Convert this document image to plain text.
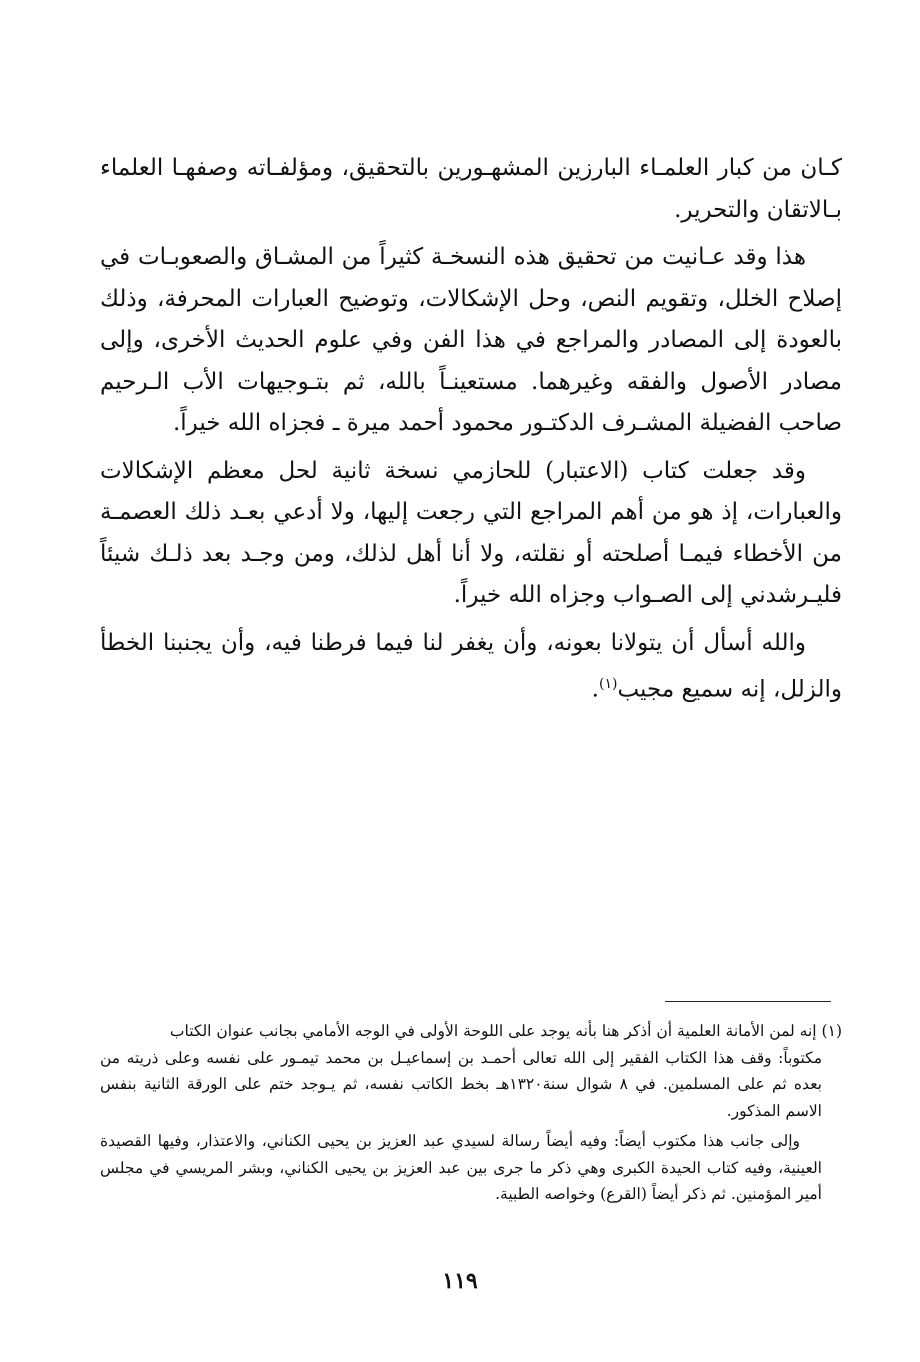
كـان من كبار العلمـاء البارزين المشهـورين بالتحقيق، ومؤلفـاته وصفهـا العلماء بـالاتقان والتحرير.

هذا وقد عـانيت من تحقيق هذه النسخـة كثيراً من المشـاق والصعوبـات في إصلاح الخلل، وتقويم النص، وحل الإشكالات، وتوضيح العبارات المحرفة، وذلك بالعودة إلى المصادر والمراجع في هذا الفن وفي علوم الحديث الأخرى، وإلى مصادر الأصول والفقه وغيرهما. مستعينـاً بالله، ثم بتـوجيهات الأب الـرحيم صاحب الفضيلة المشـرف الدكتـور محمود أحمد ميرة ـ فجزاه الله خيراً.

وقد جعلت كتاب (الاعتبار) للحازمي نسخة ثانية لحل معظم الإشكالات والعبارات، إذ هو من أهم المراجع التي رجعت إليها، ولا أدعي بعـد ذلك العصمـة من الأخطاء فيمـا أصلحته أو نقلته، ولا أنا أهل لذلك، ومن وجـد بعد ذلـك شيئاً فليـرشدني إلى الصـواب وجزاه الله خيراً.

والله أسأل أن يتولانا بعونه، وأن يغفر لنا فيما فرطنا فيه، وأن يجنبنا الخطأ والزلل، إنه سميع مجيب$^{(١)}$.

(١) إنه لمن الأمانة العلمية أن أذكر هنا بأنه يوجد على اللوحة الأولى في الوجه الأمامي بجانب عنوان الكتاب

مكتوباً: وقف هذا الكتاب الفقير إلى الله تعالى أحمـد بن إسماعيـل بن محمد تيمـور على نفسه وعلى ذريته من بعده ثم على المسلمين. في ٨ شوال سنة١٣٢٠هـ بخط الكاتب نفسه، ثم يـوجد ختم على الورقة الثانية بنفس الاسم المذكور.

وإلى جانب هذا مكتوب أيضاً: وفيه أيضاً رسالة لسيدي عبد العزيز بن يحيى الكناني، والاعتذار، وفيها القصيدة العينية، وفيه كتاب الحيدة الكبرى وهي ذكر ما جرى بين عبد العزيز بن يحيى الكناني، وبشر المريسي في مجلس أمير المؤمنين. ثم ذكر أيضاً (القرع) وخواصه الطبية.

١١٩
